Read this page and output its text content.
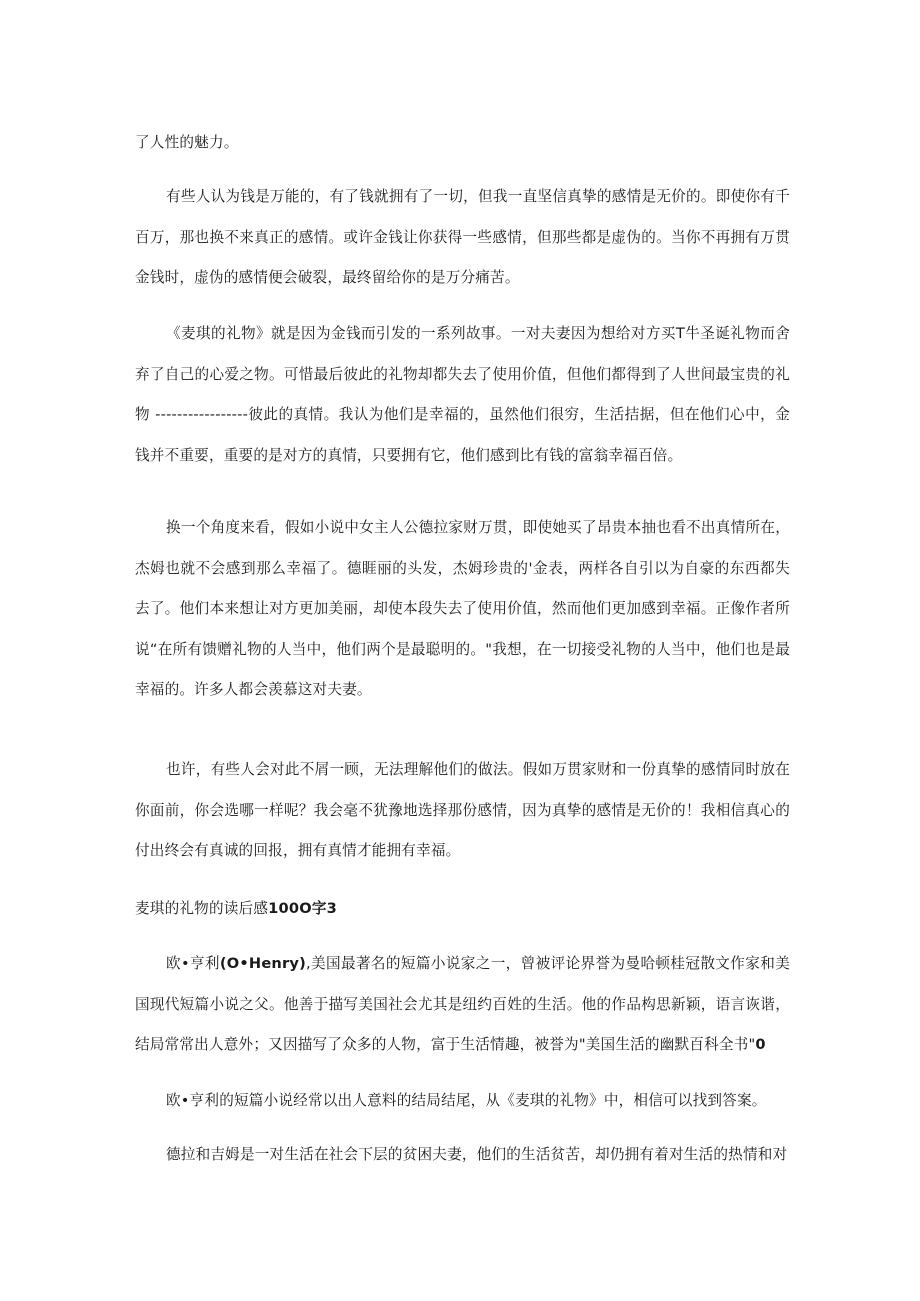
了人性的魅力。

有些人认为钱是万能的，有了钱就拥有了一切，但我一直坚信真挚的感情是无价的。即使你有千百万，那也换不来真正的感情。或许金钱让你获得一些感情，但那些都是虚伪的。当你不再拥有万贯金钱时，虚伪的感情便会破裂，最终留给你的是万分痛苦。

《麦琪的礼物》就是因为金钱而引发的一系列故事。一对夫妻因为想给对方买T牛圣诞礼物而舍弃了自己的心爱之物。可惜最后彼此的礼物却都失去了使用价值，但他们都得到了人世间最宝贵的礼物 -----------------彼此的真情。我认为他们是幸福的，虽然他们很穷，生活拮据，但在他们心中，金钱并不重要，重要的是对方的真情，只要拥有它，他们感到比有钱的富翁幸福百倍。

换一个角度来看，假如小说中女主人公德拉家财万贯，即使她买了昂贵本抽也看不出真情所在，杰姆也就不会感到那么幸福了。德睚丽的头发，杰姆珍贵的'金表，两样各自引以为自豪的东西都失去了。他们本来想让对方更加美丽，却使本段失去了使用价值，然而他们更加感到幸福。正像作者所说“在所有馈赠礼物的人当中，他们两个是最聪明的。"我想，在一切接受礼物的人当中，他们也是最幸福的。许多人都会羡慕这对夫妻。

也许，有些人会对此不屑一顾，无法理解他们的做法。假如万贯家财和一份真挚的感情同时放在你面前，你会选哪一样呢？我会毫不犹豫地选择那份感情，因为真挚的感情是无价的！我相信真心的付出终会有真诚的回报，拥有真情才能拥有幸福。

麦琪的礼物的读后感100O字3

欧•亨利(O•Henry),美国最著名的短篇小说家之一，曾被评论界誉为曼哈顿桂冠散文作家和美国现代短篇小说之父。他善于描写美国社会尤其是纽约百姓的生活。他的作品构思新颖，语言诙谐，结局常常出人意外；又因描写了众多的人物，富于生活情趣，被誉为"美国生活的幽默百科全书"0

欧•亨利的短篇小说经常以出人意料的结局结尾，从《麦琪的礼物》中，相信可以找到答案。

德拉和吉姆是一对生活在社会下层的贫困夫妻，他们的生活贫苦，却仍拥有着对生活的热情和对
